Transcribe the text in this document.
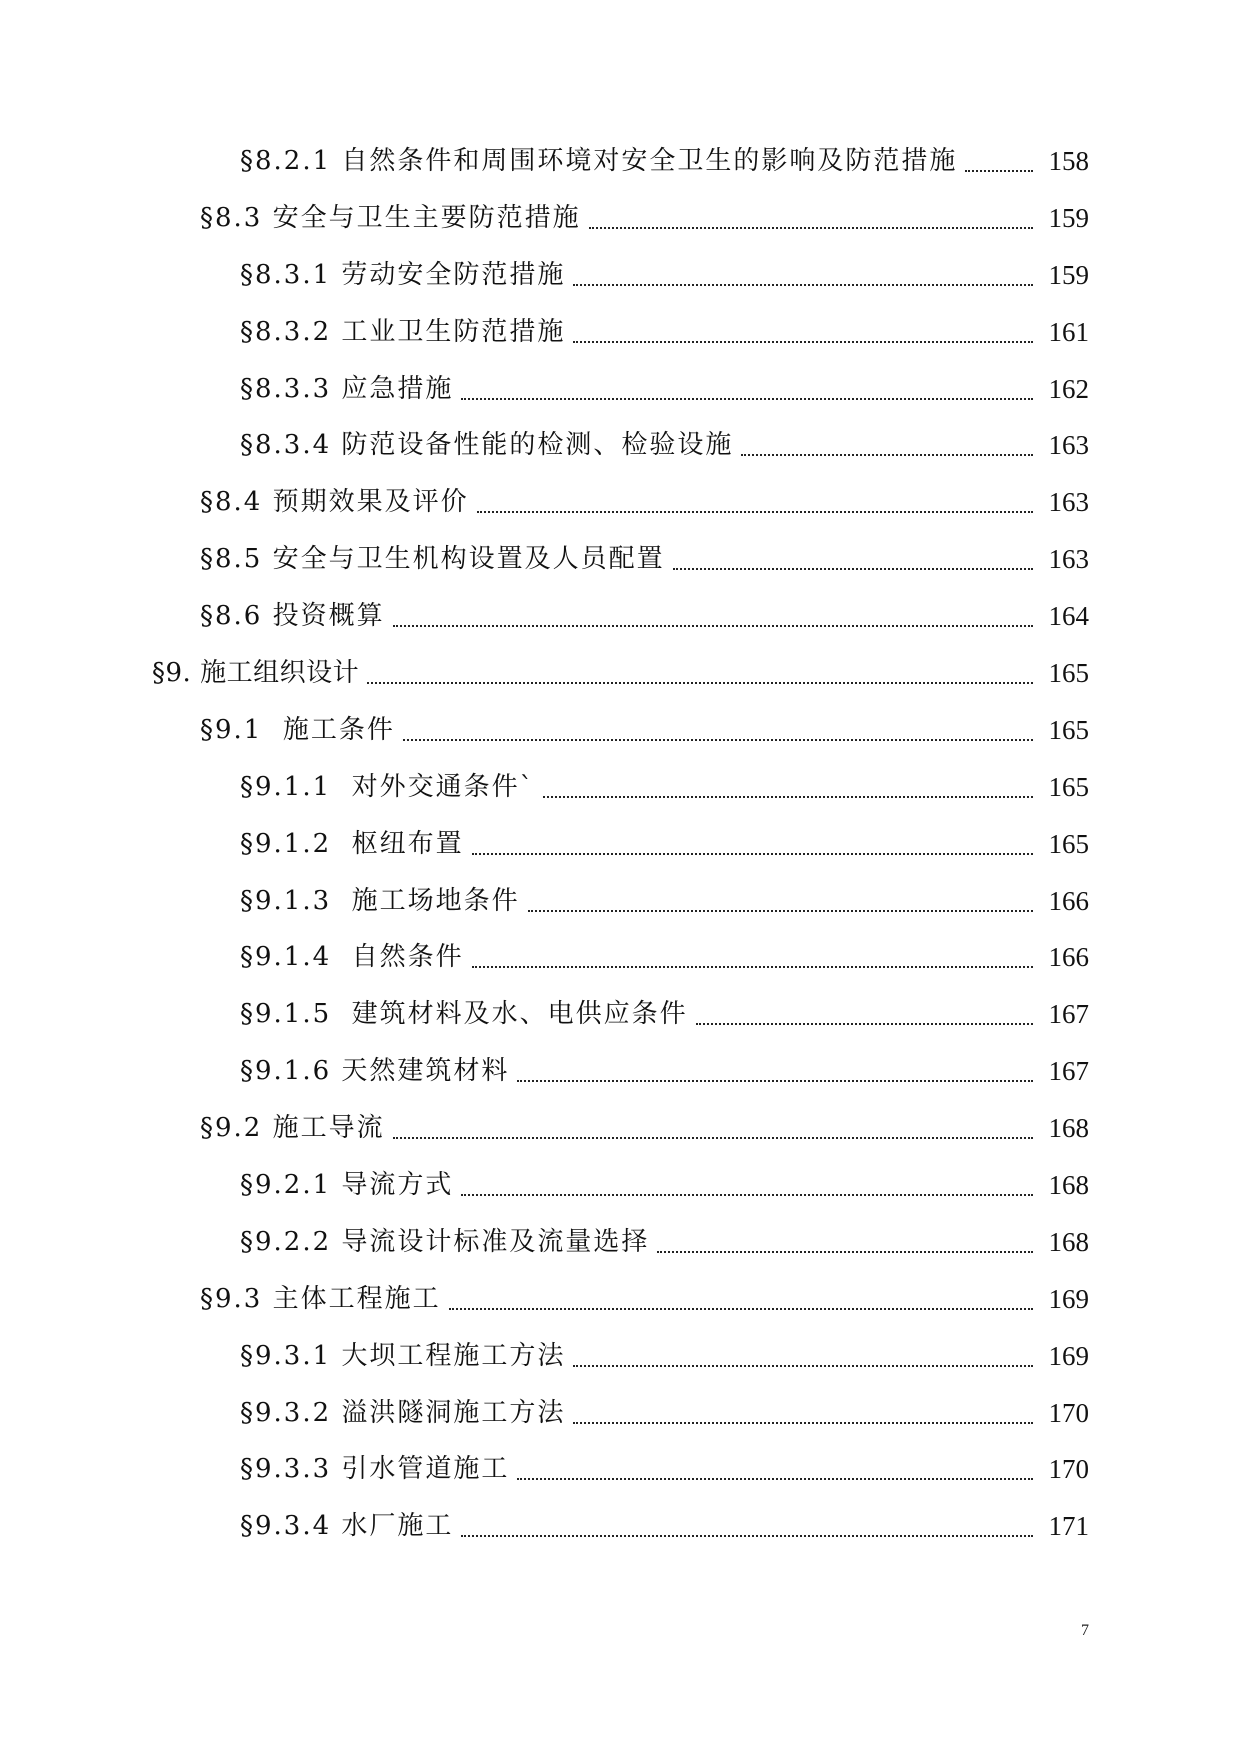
§8.2.1 自然条件和周围环境对安全卫生的影响及防范措施	158
§8.3 安全与卫生主要防范措施	159
§8.3.1 劳动安全防范措施	159
§8.3.2 工业卫生防范措施	161
§8.3.3 应急措施	162
§8.3.4 防范设备性能的检测、检验设施	163
§8.4 预期效果及评价	163
§8.5 安全与卫生机构设置及人员配置	163
§8.6 投资概算	164
§9. 施工组织设计	165
§9.1  施工条件	165
§9.1.1  对外交通条件`	165
§9.1.2  枢纽布置	165
§9.1.3  施工场地条件	166
§9.1.4  自然条件	166
§9.1.5  建筑材料及水、电供应条件	167
§9.1.6 天然建筑材料	167
§9.2 施工导流	168
§9.2.1 导流方式	168
§9.2.2 导流设计标准及流量选择	168
§9.3 主体工程施工	169
§9.3.1 大坝工程施工方法	169
§9.3.2 溢洪隧洞施工方法	170
§9.3.3 引水管道施工	170
§9.3.4 水厂施工	171
7
